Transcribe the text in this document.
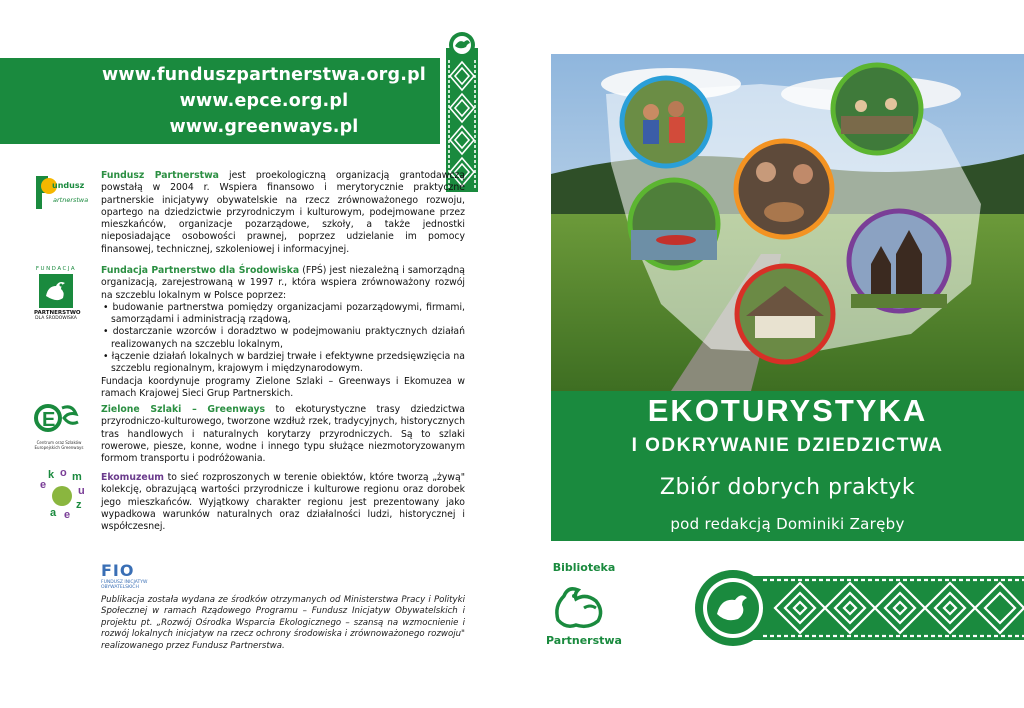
www.funduszpartnerstwa.org.pl
www.epce.org.pl
www.greenways.pl
undusz
artnerstwa
Fundusz Partnerstwa jest proekologiczną organizacją grantodawczą powstałą w 2004 r. Wspiera finansowo i merytorycznie praktyczne partnerskie inicjatywy obywatelskie na rzecz zrównoważonego rozwoju, opartego na dziedzictwie przyrodniczym i kulturowym, podejmowane przez mieszkańców, organizacje pozarządowe, szkoły, a także jednostki nieposiadające osobowości prawnej, poprzez udzielanie im pomocy finansowej, technicznej, szkoleniowej i informacyjnej.
FUNDACJA
PARTNERSTWO
DLA ŚRODOWISKA
Fundacja Partnerstwo dla Środowiska (FPŚ) jest niezależną i samorządną organizacją, zarejestrowaną w 1997 r., która wspiera zrównoważony rozwój na szczeblu lokalnym w Polsce poprzez:

• budowanie partnerstwa pomiędzy organizacjami pozarządowymi, firmami, samorządami i administracją rządową,

• dostarczanie wzorców i doradztwo w podejmowaniu praktycznych działań realizowanych na szczeblu lokalnym,

• łączenie działań lokalnych w bardziej trwałe i efektywne przedsięwzięcia na szczeblu regionalnym, krajowym i międzynarodowym.

Fundacja koordynuje programy Zielone Szlaki – Greenways i Ekomuzea w ramach Krajowej Sieci Grup Partnerskich.
E
Centrum oraz Szlaków Europejskich Greenways
Zielone Szlaki – Greenways to ekoturystyczne trasy dziedzictwa przyrodniczo-kulturowego, tworzone wzdłuż rzek, tradycyjnych, historycznych tras handlowych i naturalnych korytarzy przyrodniczych. Są to szlaki rowerowe, piesze, konne, wodne i innego typu służące niezmotoryzowanym formom transportu i podróżowania.
e
k o m
u
z
e
a
Ekomuzeum to sieć rozproszonych w terenie obiektów, które tworzą „żywą" kolekcję, obrazującą wartości przyrodnicze i kulturowe regionu oraz dorobek jego mieszkańców. Wyjątkowy charakter regionu jest prezentowany jako wypadkowa warunków naturalnych oraz działalności ludzi, historycznej i współczesnej.
FIO
FUNDUSZ INICJATYW
OBYWATELSKICH
Publikacja została wydana ze środków otrzymanych od Ministerstwa Pracy i Polityki Społecznej w ramach Rządowego Programu – Fundusz Inicjatyw Obywatelskich i projektu pt. „Rozwój Ośrodka Wsparcia Ekologicznego – szansą na wzmocnienie i rozwój lokalnych inicjatyw na rzecz ochrony środowiska i zrównoważonego rozwoju" realizowanego przez Fundusz Partnerstwa.
EKOTURYSTYKA
I ODKRYWANIE DZIEDZICTWA
Zbiór dobrych praktyk
pod redakcją Dominiki Zaręby
Biblioteka
Partnerstwa
